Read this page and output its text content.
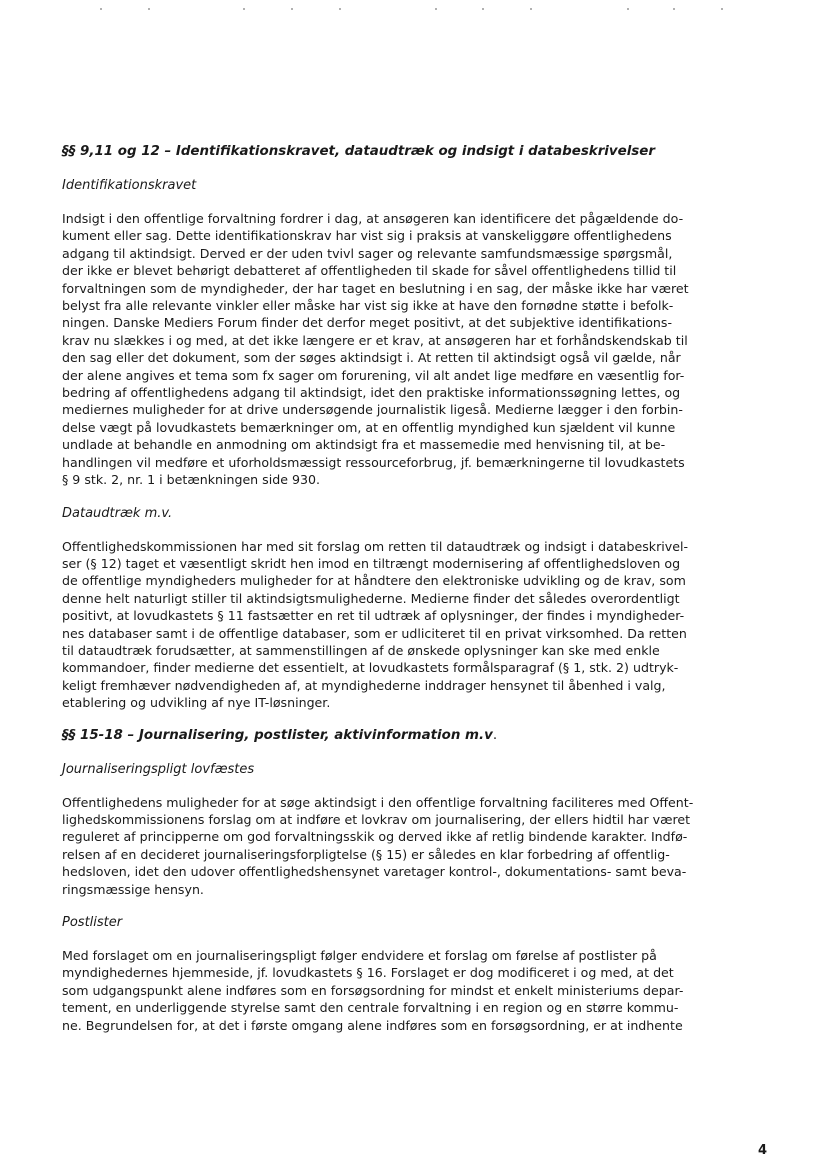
§§ 9,11 og 12 – Identifikationskravet, dataudtræk og indsigt i databeskrivelser

Identifikationskravet

Indsigt i den offentlige forvaltning fordrer i dag, at ansøgeren kan identificere det pågældende do-
kument eller sag. Dette identifikationskrav har vist sig i praksis at vanskeliggøre offentlighedens
adgang til aktindsigt. Derved er der uden tvivl sager og relevante samfundsmæssige spørgsmål,
der ikke er blevet behørigt debatteret af offentligheden til skade for såvel offentlighedens tillid til
forvaltningen som de myndigheder, der har taget en beslutning i en sag, der måske ikke har været
belyst fra alle relevante vinkler eller måske har vist sig ikke at have den fornødne støtte i befolk-
ningen. Danske Mediers Forum finder det derfor meget positivt, at det subjektive identifikations-
krav nu slækkes i og med, at det ikke længere er et krav, at ansøgeren har et forhåndskendskab til
den sag eller det dokument, som der søges aktindsigt i. At retten til aktindsigt også vil gælde, når
der alene angives et tema som fx sager om forurening, vil alt andet lige medføre en væsentlig for-
bedring af offentlighedens adgang til aktindsigt, idet den praktiske informationssøgning lettes, og
mediernes muligheder for at drive undersøgende journalistik ligeså. Medierne lægger i den forbin-
delse vægt på lovudkastets bemærkninger om, at en offentlig myndighed kun sjældent vil kunne
undlade at behandle en anmodning om aktindsigt fra et massemedie med henvisning til, at be-
handlingen vil medføre et uforholdsmæssigt ressourceforbrug, jf. bemærkningerne til lovudkastets
§ 9 stk. 2, nr. 1 i betænkningen side 930.

Dataudtræk m.v.

Offentlighedskommissionen har med sit forslag om retten til dataudtræk og indsigt i databeskrivel-
ser (§ 12) taget et væsentligt skridt hen imod en tiltrængt modernisering af offentlighedsloven og
de offentlige myndigheders muligheder for at håndtere den elektroniske udvikling og de krav, som
denne helt naturligt stiller til aktindsigtsmulighederne. Medierne finder det således overordentligt
positivt, at lovudkastets § 11 fastsætter en ret til udtræk af oplysninger, der findes i myndigheder-
nes databaser samt i de offentlige databaser, som er udliciteret til en privat virksomhed. Da retten
til dataudtræk forudsætter, at sammenstillingen af de ønskede oplysninger kan ske med enkle
kommandoer, finder medierne det essentielt, at lovudkastets formålsparagraf (§ 1, stk. 2) udtryk-
keligt fremhæver nødvendigheden af, at myndighederne inddrager hensynet til åbenhed i valg,
etablering og udvikling af nye IT-løsninger.

§§ 15-18 – Journalisering, postlister, aktivinformation m.v.

Journaliseringspligt lovfæstes

Offentlighedens muligheder for at søge aktindsigt i den offentlige forvaltning faciliteres med Offent-
lighedskommissionens forslag om at indføre et lovkrav om journalisering, der ellers hidtil har været
reguleret af principperne om god forvaltningsskik og derved ikke af retlig bindende karakter. Indfø-
relsen af en decideret journaliseringsforpligtelse (§ 15) er således en klar forbedring af offentlig-
hedsloven, idet den udover offentlighedshensynet varetager kontrol-, dokumentations- samt beva-
ringsmæssige hensyn.

Postlister

Med forslaget om en journaliseringspligt følger endvidere et forslag om førelse af postlister på
myndighedernes hjemmeside, jf. lovudkastets § 16. Forslaget er dog modificeret i og med, at det
som udgangspunkt alene indføres som en forsøgsordning for mindst et enkelt ministeriums depar-
tement, en underliggende styrelse samt den centrale forvaltning i en region og en større kommu-
ne. Begrundelsen for, at det i første omgang alene indføres som en forsøgsordning, er at indhente

4
